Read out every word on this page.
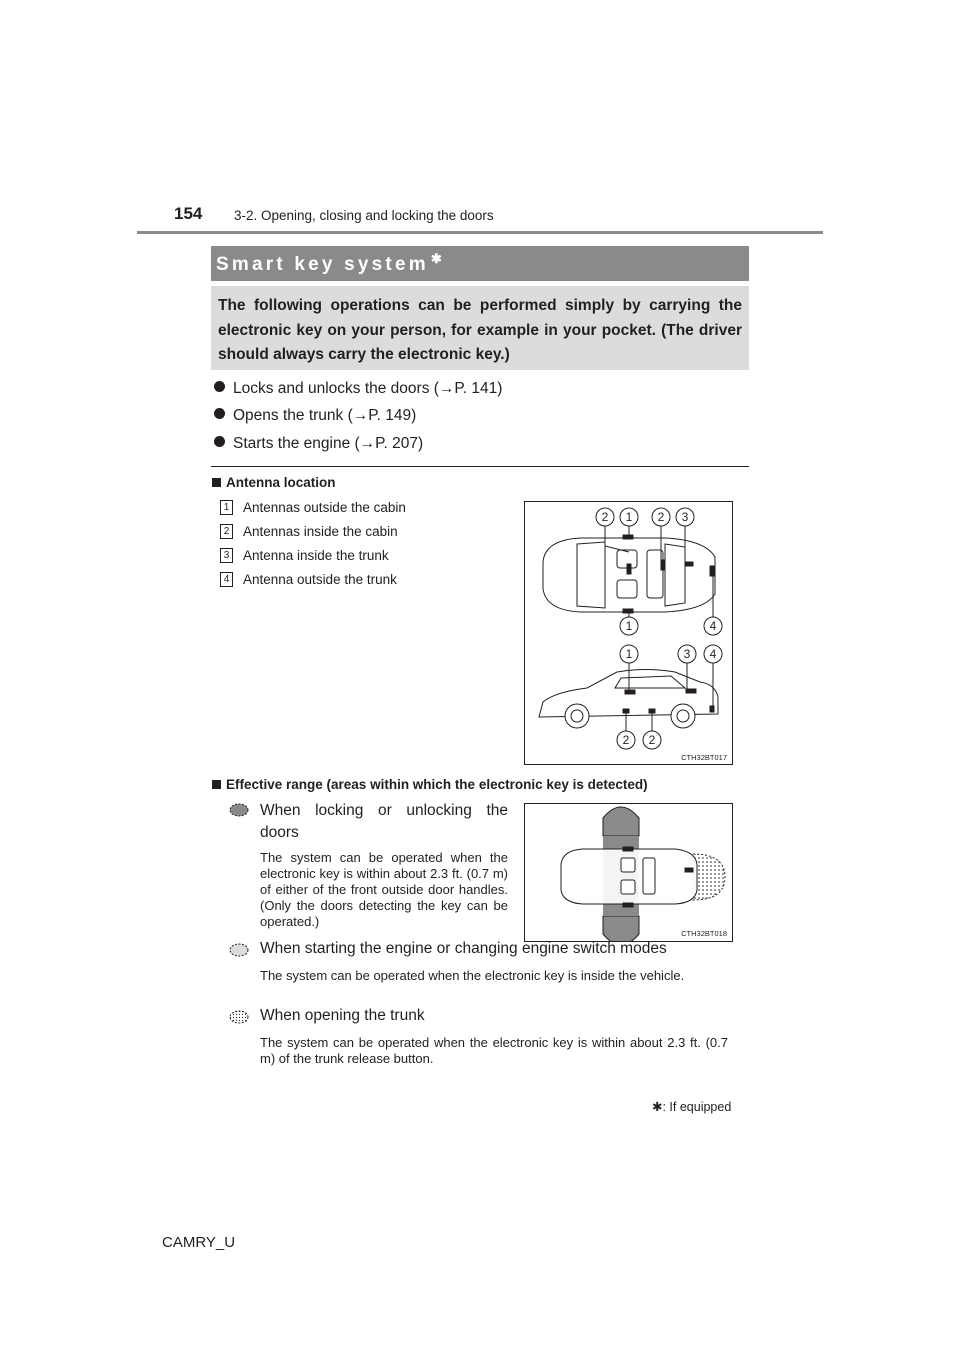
154 3-2. Opening, closing and locking the doors
Smart key system ✱
The following operations can be performed simply by carrying the electronic key on your person, for example in your pocket. (The driver should always carry the electronic key.)
Locks and unlocks the doors (→P. 141)
Opens the trunk (→P. 149)
Starts the engine (→P. 207)
Antenna location
1 Antennas outside the cabin
2 Antennas inside the cabin
3 Antenna inside the trunk
4 Antenna outside the trunk
2 1 2 3
1	4
1	3 4
2 2
CTH32BT017
Effective range (areas within which the electronic key is detected)
CTH32BT018
When locking or unlocking the doors
The system can be operated when the electronic key is within about 2.3 ft. (0.7 m) of either of the front outside door handles. (Only the doors detecting the key can be operated.)
When starting the engine or changing engine switch modes
The system can be operated when the electronic key is inside the vehicle.
When opening the trunk
The system can be operated when the electronic key is within about 2.3 ft. (0.7 m) of the trunk release button.
✱: If equipped
CAMRY_U
